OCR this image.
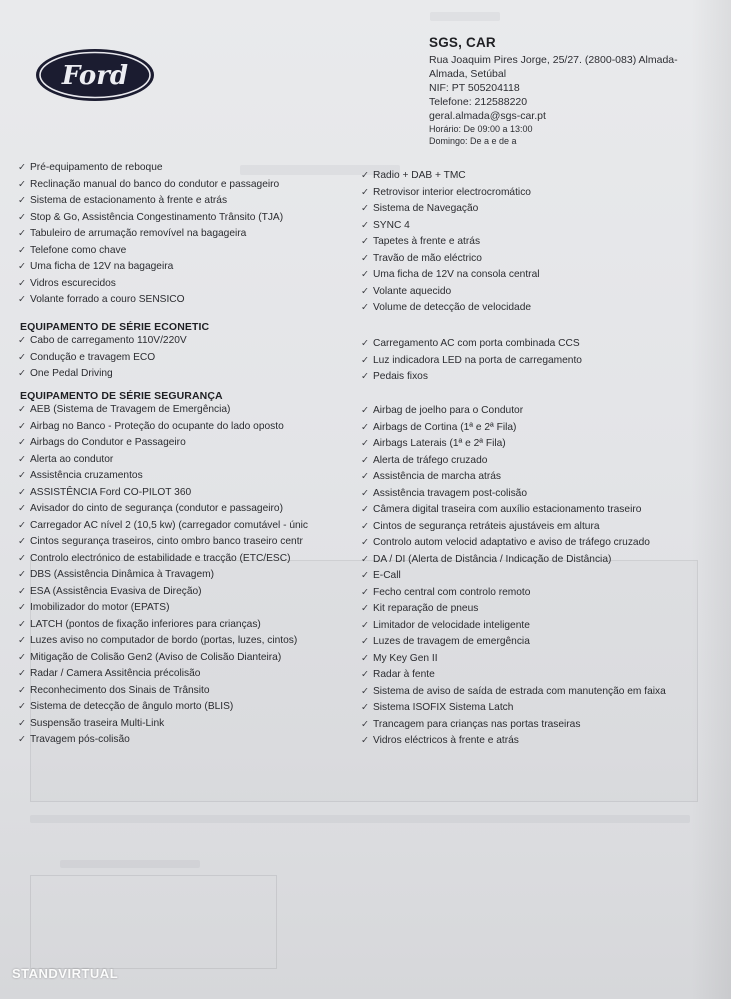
Ford
SGS, CAR
Rua Joaquim Pires Jorge, 25/27. (2800-083) Almada-
Almada, Setúbal
NIF: PT 505204118
Telefone: 212588220
geral.almada@sgs-car.pt
Horário: De 09:00 a 13:00
Domingo: De a e de a
✓ Pré-equipamento de reboque
✓ Reclinação manual do banco do condutor e passageiro
✓ Sistema de estacionamento à frente e atrás
✓ Stop & Go, Assistência Congestinamento Trânsito (TJA)
✓ Tabuleiro de arrumação removível na bagageira
✓ Telefone como chave
✓ Uma ficha de 12V na bagageira
✓ Vidros escurecidos
✓ Volante forrado a couro SENSICO
✓ Radio + DAB + TMC
✓ Retrovisor interior electrocromático
✓ Sistema de Navegação
✓ SYNC 4
✓ Tapetes à frente e atrás
✓ Travão de mão eléctrico
✓ Uma ficha de 12V na consola central
✓ Volante aquecido
✓ Volume de detecção de velocidade
EQUIPAMENTO DE SÉRIE ECONETIC
✓ Cabo de carregamento 110V/220V
✓ Condução e travagem ECO
✓ One Pedal Driving
✓ Carregamento AC com porta combinada CCS
✓ Luz indicadora LED na porta de carregamento
✓ Pedais fixos
EQUIPAMENTO DE SÉRIE SEGURANÇA
✓ AEB (Sistema de Travagem de Emergência)
✓ Airbag no Banco - Proteção do ocupante do lado oposto
✓ Airbags do Condutor e Passageiro
✓ Alerta ao condutor
✓ Assistência cruzamentos
✓ ASSISTÊNCIA Ford CO-PILOT 360
✓ Avisador do cinto de segurança (condutor e passageiro)
✓ Carregador AC nível 2 (10,5 kw) (carregador comutável - únic
✓ Cintos segurança traseiros, cinto ombro banco traseiro centr
✓ Controlo electrónico de estabilidade e tracção (ETC/ESC)
✓ DBS (Assistência Dinâmica à Travagem)
✓ ESA (Assistência Evasiva de Direção)
✓ Imobilizador do motor (EPATS)
✓ LATCH (pontos de fixação inferiores para crianças)
✓ Luzes aviso no computador de bordo (portas, luzes, cintos)
✓ Mitigação de Colisão Gen2 (Aviso de Colisão Dianteira)
✓ Radar / Camera Assitência précolisão
✓ Reconhecimento dos Sinais de Trânsito
✓ Sistema de detecção de ângulo morto (BLIS)
✓ Suspensão traseira Multi-Link
✓ Travagem pós-colisão
✓ Airbag de joelho para o Condutor
✓ Airbags de Cortina (1ª e 2ª Fila)
✓ Airbags Laterais (1ª e 2ª Fila)
✓ Alerta de tráfego cruzado
✓ Assistência de marcha atrás
✓ Assistência travagem post-colisão
✓ Câmera digital traseira com auxílio estacionamento traseiro
✓ Cintos de segurança retráteis ajustáveis em altura
✓ Controlo autom velocid adaptativo e aviso de tráfego cruzado
✓ DA / DI (Alerta de Distância / Indicação de Distância)
✓ E-Call
✓ Fecho central com controlo remoto
✓ Kit reparação de pneus
✓ Limitador de velocidade inteligente
✓ Luzes de travagem de emergência
✓ My Key Gen II
✓ Radar à fente
✓ Sistema de aviso de saída de estrada com manutenção em faixa
✓ Sistema ISOFIX Sistema Latch
✓ Trancagem para crianças nas portas traseiras
✓ Vidros eléctricos à frente e atrás
STANDVIRTUAL
